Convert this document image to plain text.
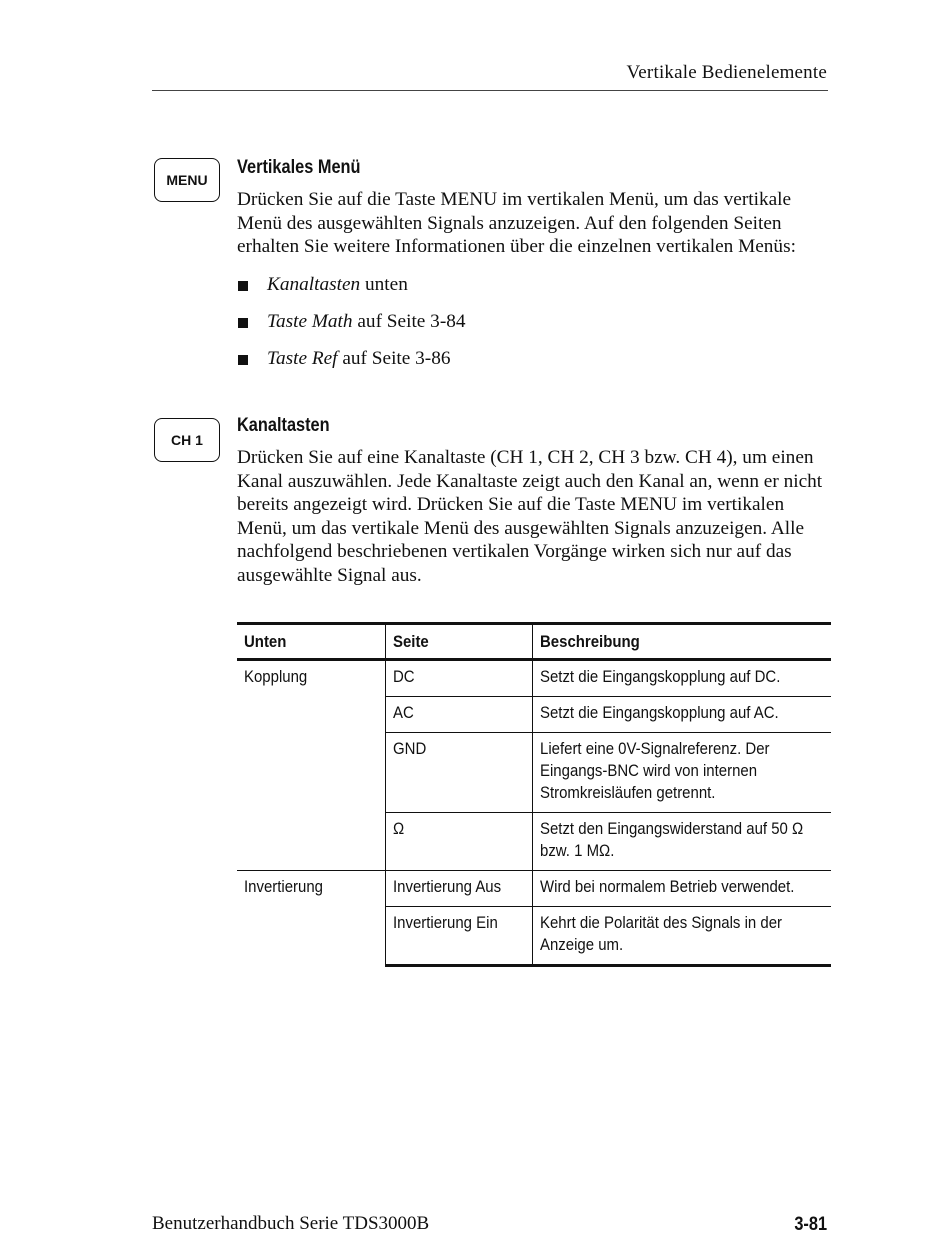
Vertikale Bedienelemente
MENU
Vertikales Menü

Drücken Sie auf die Taste MENU im vertikalen Menü, um das vertikale Menü des ausgewählten Signals anzuzeigen. Auf den folgenden Seiten erhalten Sie weitere Informationen über die einzelnen vertikalen Menüs:

Kanaltasten unten
Taste Math auf Seite 3-84
Taste Ref auf Seite 3-86
CH 1
Kanaltasten

Drücken Sie auf eine Kanaltaste (CH 1, CH 2, CH 3 bzw. CH 4), um einen Kanal auszuwählen. Jede Kanaltaste zeigt auch den Kanal an, wenn er nicht bereits angezeigt wird. Drücken Sie auf die Taste MENU im vertikalen Menü, um das vertikale Menü des ausgewählten Signals anzuzeigen. Alle nachfolgend beschriebenen vertikalen Vorgänge wirken sich nur auf das ausgewählte Signal aus.

Unten	Seite	Beschreibung
Kopplung	DC	Setzt die Eingangskopplung auf DC.
	AC	Setzt die Eingangskopplung auf AC.
	GND	Liefert eine 0V-Signalreferenz. Der Eingangs-BNC wird von internen Stromkreisläufen getrennt.

	Ω	Setzt den Eingangswiderstand auf 50 Ω bzw. 1 MΩ.

Invertierung	Invertierung Aus	Wird bei normalem Betrieb verwendet.
	Invertierung Ein	Kehrt die Polarität des Signals in der Anzeige um.
Benutzerhandbuch Serie TDS3000B	3-81
